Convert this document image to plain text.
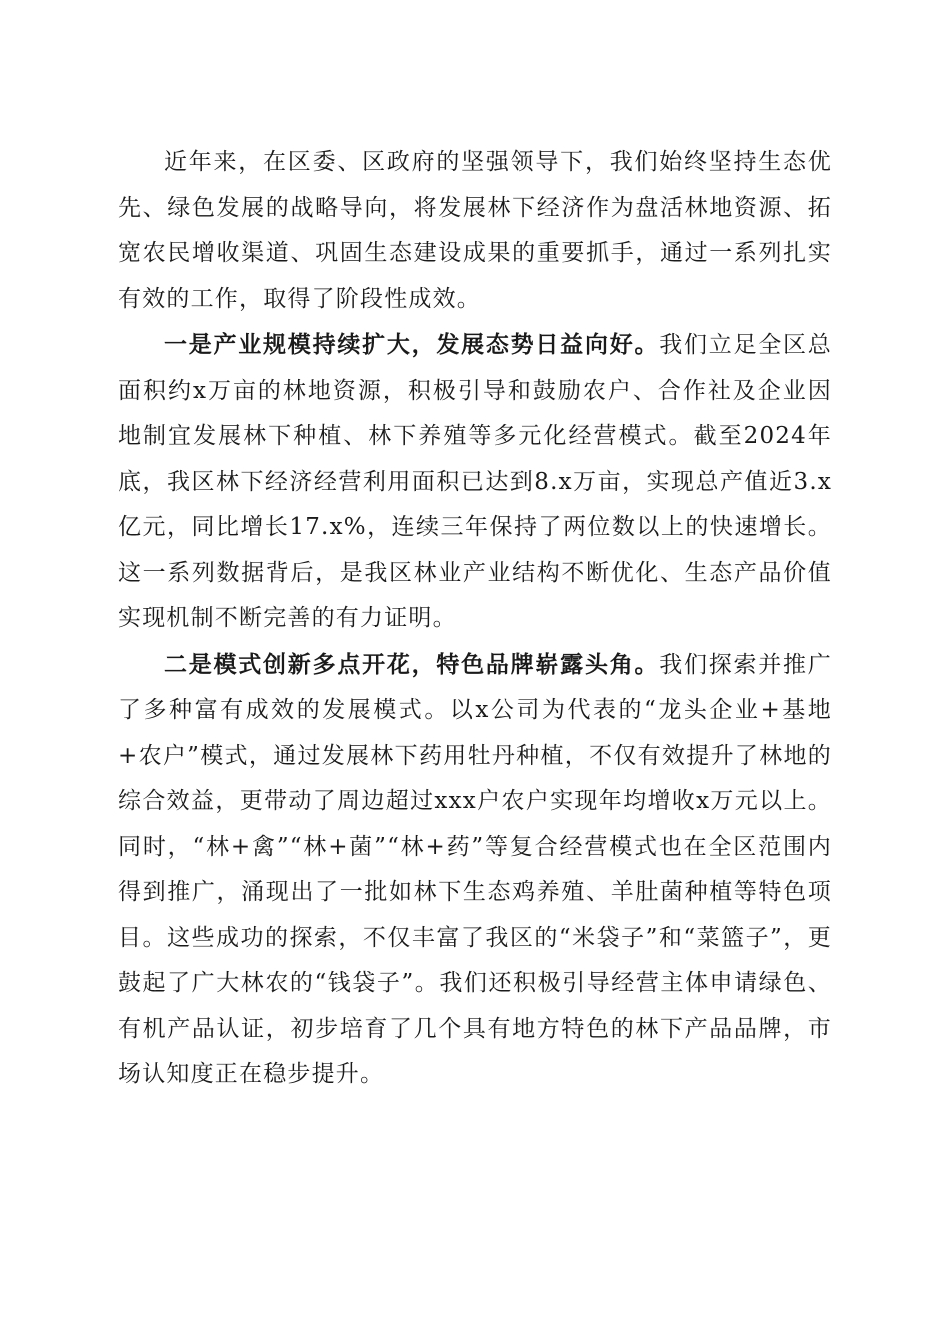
近年来，在区委、区政府的坚强领导下，我们始终坚持生态优先、绿色发展的战略导向，将发展林下经济作为盘活林地资源、拓宽农民增收渠道、巩固生态建设成果的重要抓手，通过一系列扎实有效的工作，取得了阶段性成效。

一是产业规模持续扩大，发展态势日益向好。我们立足全区总面积约x万亩的林地资源，积极引导和鼓励农户、合作社及企业因地制宜发展林下种植、林下养殖等多元化经营模式。截至2024年底，我区林下经济经营利用面积已达到8.x万亩，实现总产值近3.x亿元，同比增长17.x%，连续三年保持了两位数以上的快速增长。这一系列数据背后，是我区林业产业结构不断优化、生态产品价值实现机制不断完善的有力证明。

二是模式创新多点开花，特色品牌崭露头角。我们探索并推广了多种富有成效的发展模式。以x公司为代表的“龙头企业+基地+农户”模式，通过发展林下药用牡丹种植，不仅有效提升了林地的综合效益，更带动了周边超过xxx户农户实现年均增收x万元以上。同时，“林+禽”“林+菌”“林+药”等复合经营模式也在全区范围内得到推广，涌现出了一批如林下生态鸡养殖、羊肚菌种植等特色项目。这些成功的探索，不仅丰富了我区的“米袋子”和“菜篮子”，更鼓起了广大林农的“钱袋子”。我们还积极引导经营主体申请绿色、有机产品认证，初步培育了几个具有地方特色的林下产品品牌，市场认知度正在稳步提升。
